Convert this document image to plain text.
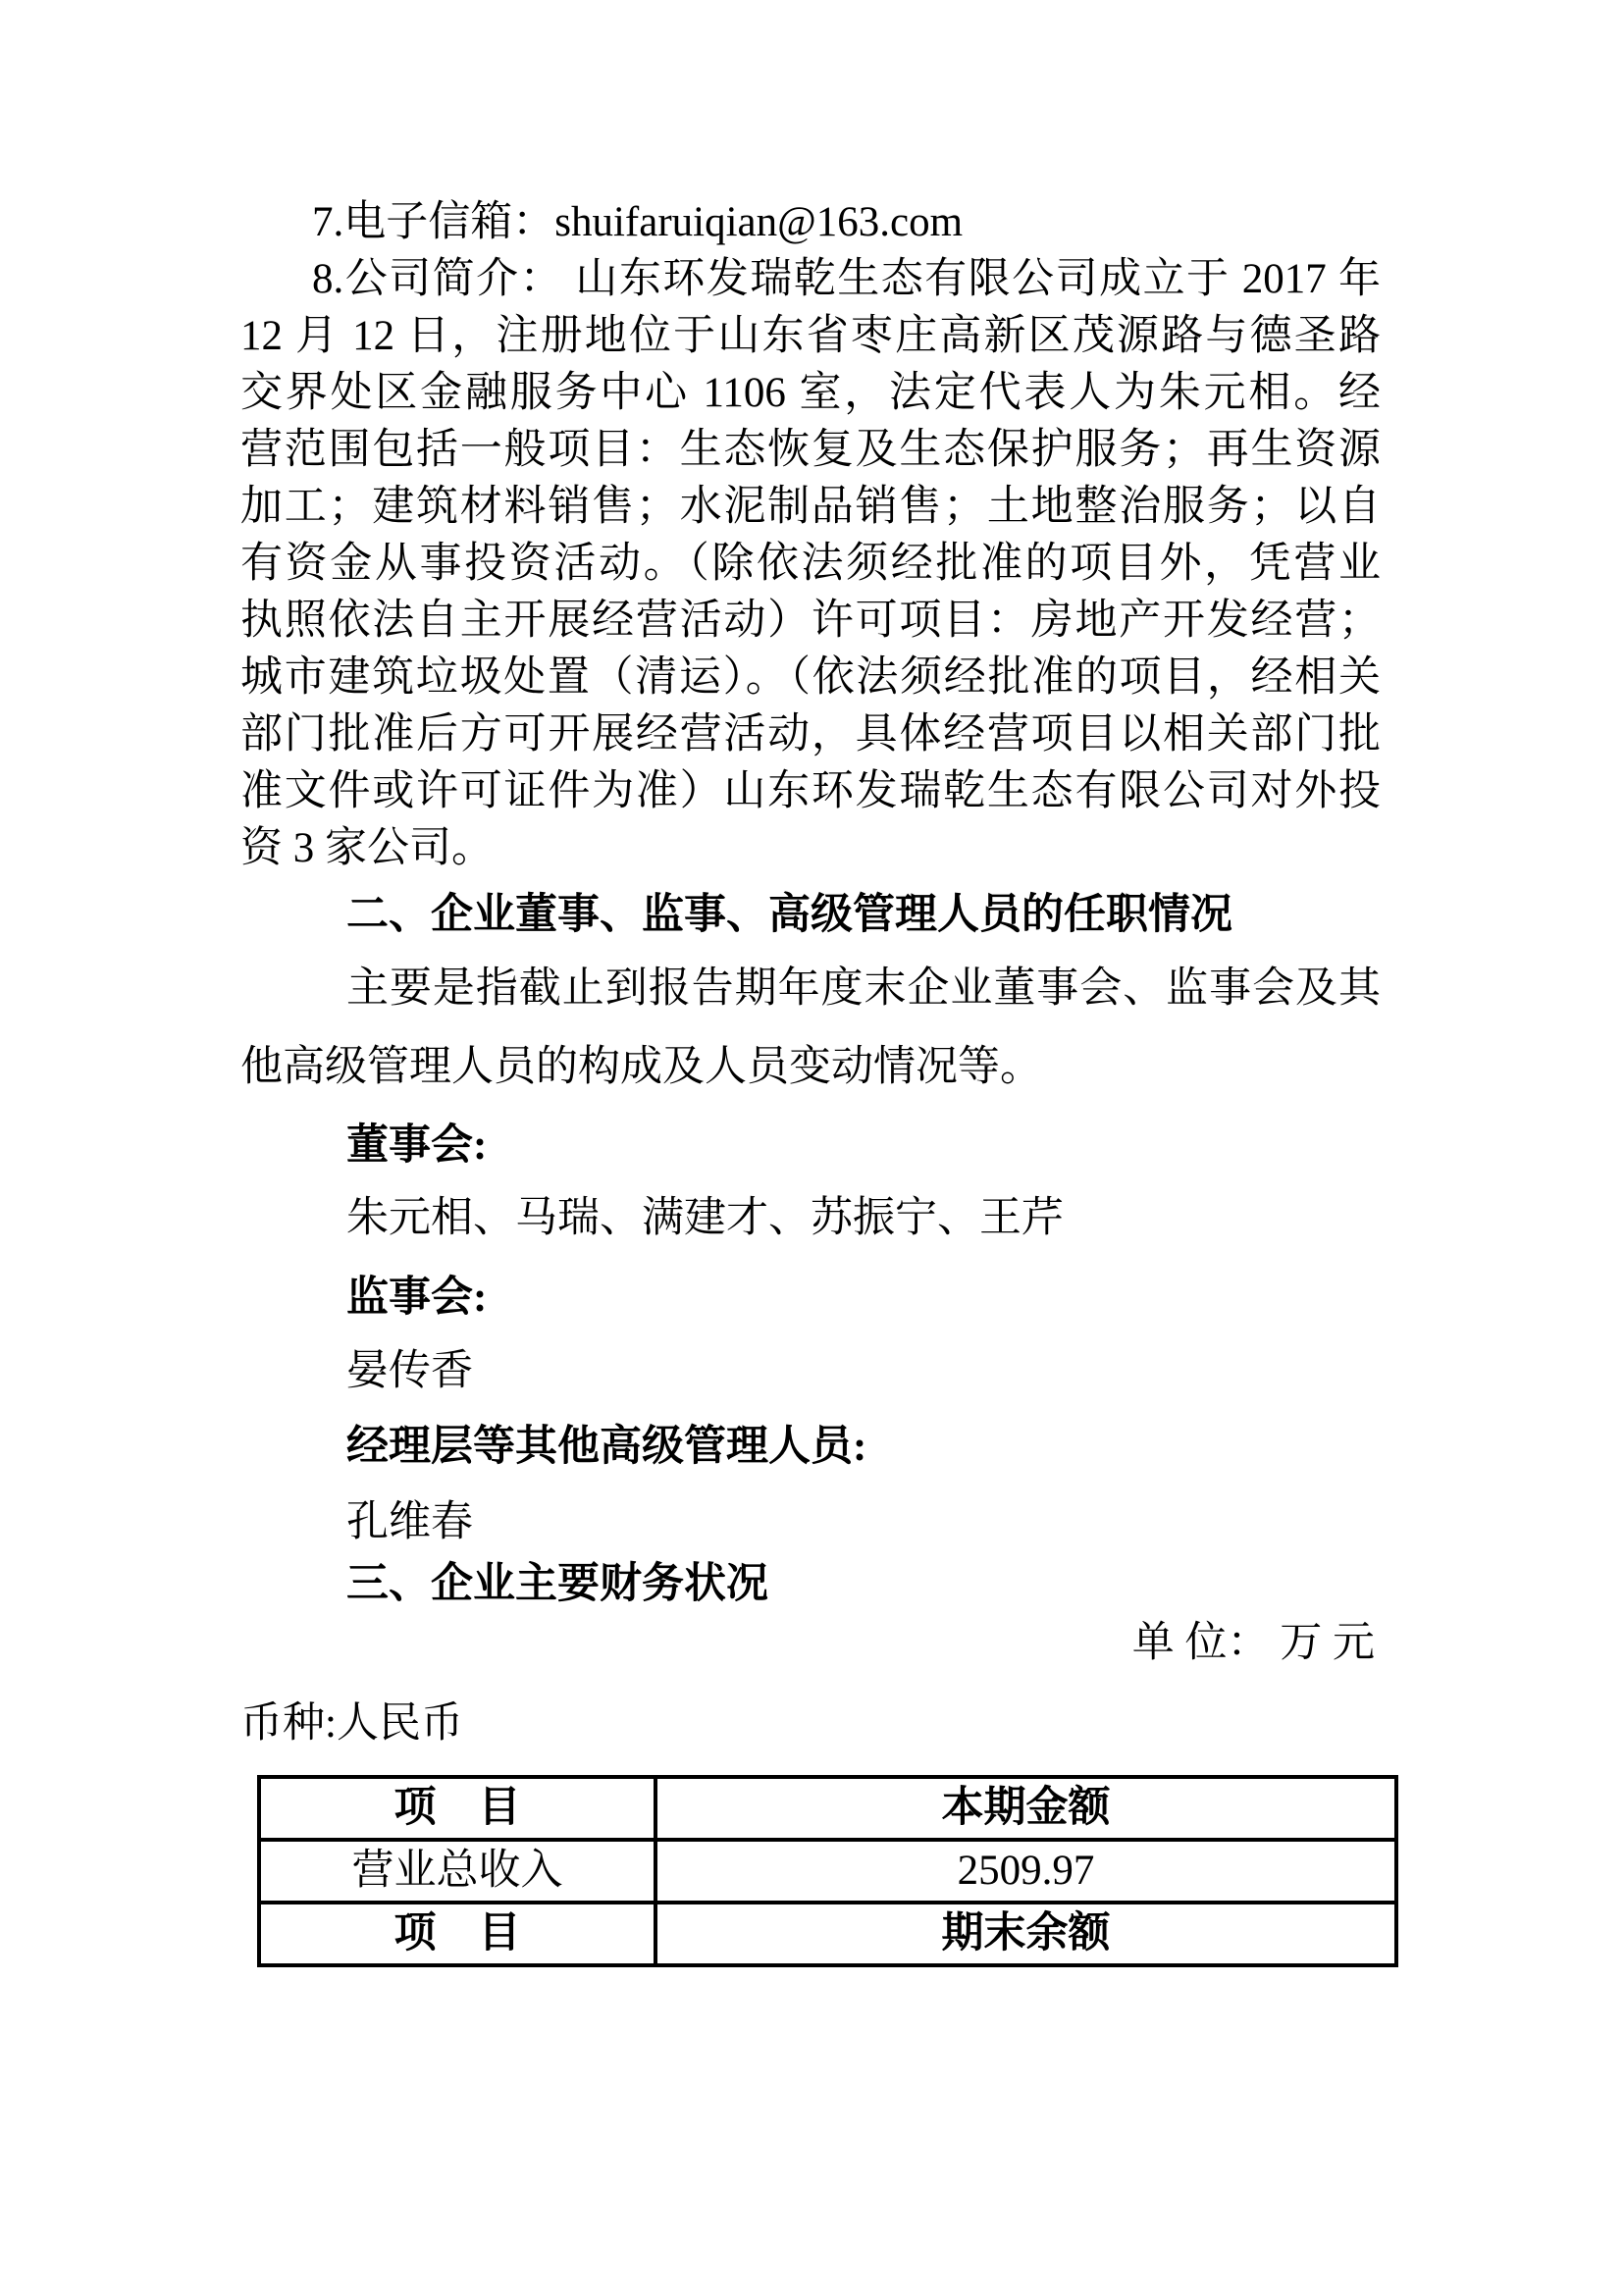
7.电子信箱：shuifaruiqian@163.com
8.公司简介： 山东环发瑞乾生态有限公司成立于 2017 年
12 月 12 日，注册地位于山东省枣庄高新区茂源路与德圣路
交界处区金融服务中心 1106 室，法定代表人为朱元相。经
营范围包括一般项目：生态恢复及生态保护服务；再生资源
加工；建筑材料销售；水泥制品销售；土地整治服务；以自
有资金从事投资活动。（除依法须经批准的项目外，凭营业
执照依法自主开展经营活动）许可项目：房地产开发经营；
城市建筑垃圾处置（清运）。（依法须经批准的项目，经相关
部门批准后方可开展经营活动，具体经营项目以相关部门批
准文件或许可证件为准）山东环发瑞乾生态有限公司对外投
资 3 家公司。
二、企业董事、监事、高级管理人员的任职情况
主要是指截止到报告期年度末企业董事会、监事会及其
他高级管理人员的构成及人员变动情况等。
董事会:
朱元相、马瑞、满建才、苏振宁、王芹
监事会:
晏传香
经理层等其他高级管理人员:
孔维春
三、企业主要财务状况
单 位： 万 元
币种:人民币
项　目	本期金额
营业总收入	2509.97
项　目	期末余额
